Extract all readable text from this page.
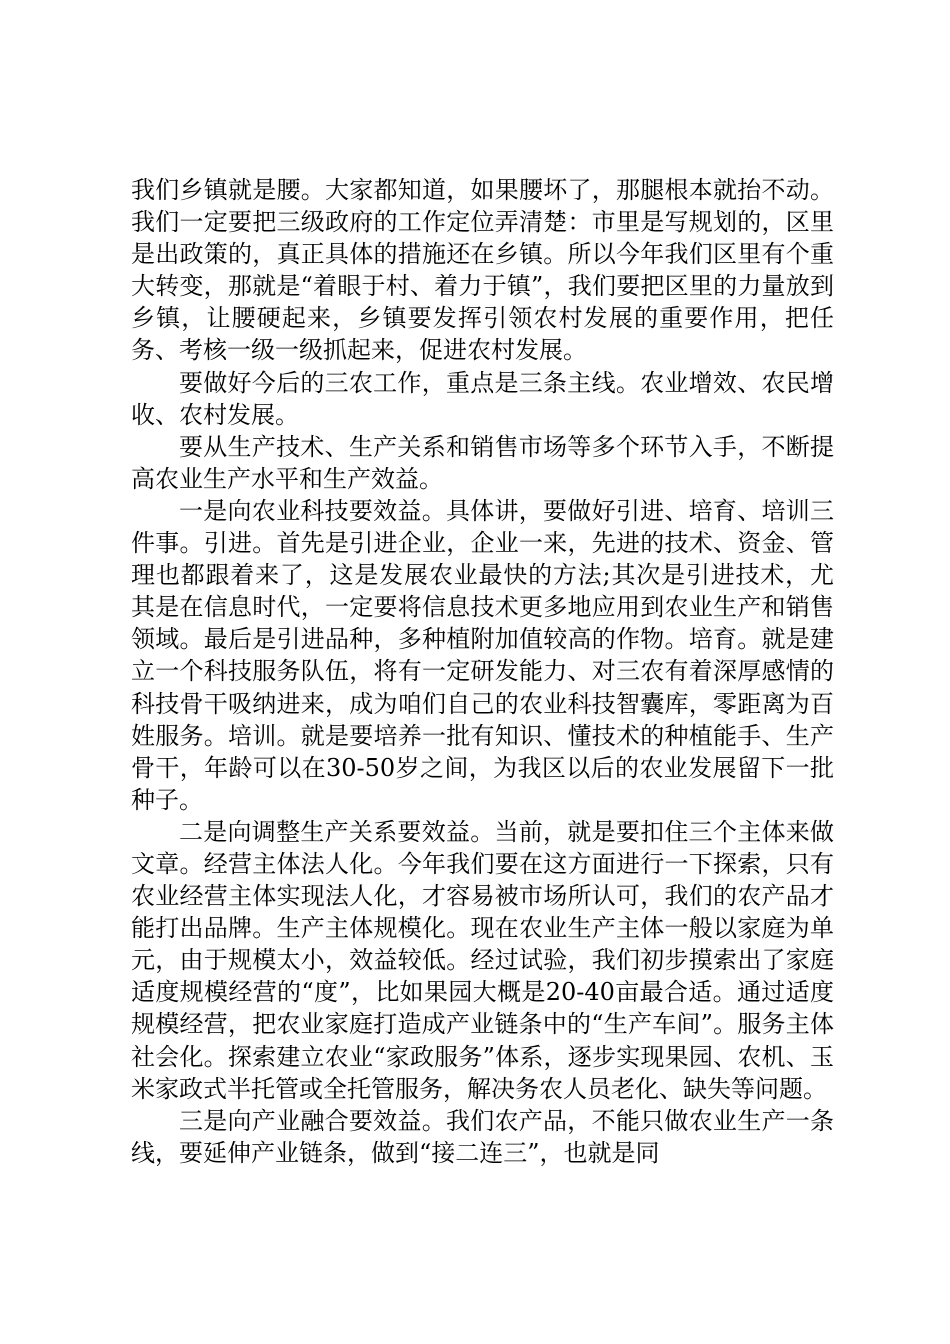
我们乡镇就是腰。大家都知道，如果腰坏了，那腿根本就抬不动。我们一定要把三级政府的工作定位弄清楚：市里是写规划的，区里是出政策的，真正具体的措施还在乡镇。所以今年我们区里有个重大转变，那就是“着眼于村、着力于镇”，我们要把区里的力量放到乡镇，让腰硬起来，乡镇要发挥引领农村发展的重要作用，把任务、考核一级一级抓起来，促进农村发展。

要做好今后的三农工作，重点是三条主线。农业增效、农民增收、农村发展。

要从生产技术、生产关系和销售市场等多个环节入手，不断提高农业生产水平和生产效益。

一是向农业科技要效益。具体讲，要做好引进、培育、培训三件事。引进。首先是引进企业，企业一来，先进的技术、资金、管理也都跟着来了，这是发展农业最快的方法;其次是引进技术，尤其是在信息时代，一定要将信息技术更多地应用到农业生产和销售领域。最后是引进品种，多种植附加值较高的作物。培育。就是建立一个科技服务队伍，将有一定研发能力、对三农有着深厚感情的科技骨干吸纳进来，成为咱们自己的农业科技智囊库，零距离为百姓服务。培训。就是要培养一批有知识、懂技术的种植能手、生产骨干，年龄可以在30-50岁之间，为我区以后的农业发展留下一批种子。

二是向调整生产关系要效益。当前，就是要扣住三个主体来做文章。经营主体法人化。今年我们要在这方面进行一下探索，只有农业经营主体实现法人化，才容易被市场所认可，我们的农产品才能打出品牌。生产主体规模化。现在农业生产主体一般以家庭为单元，由于规模太小，效益较低。经过试验，我们初步摸索出了家庭适度规模经营的“度”，比如果园大概是20-40亩最合适。通过适度规模经营，把农业家庭打造成产业链条中的“生产车间”。服务主体社会化。探索建立农业“家政服务”体系，逐步实现果园、农机、玉米家政式半托管或全托管服务，解决务农人员老化、缺失等问题。

三是向产业融合要效益。我们农产品，不能只做农业生产一条线，要延伸产业链条，做到“接二连三”，也就是同
